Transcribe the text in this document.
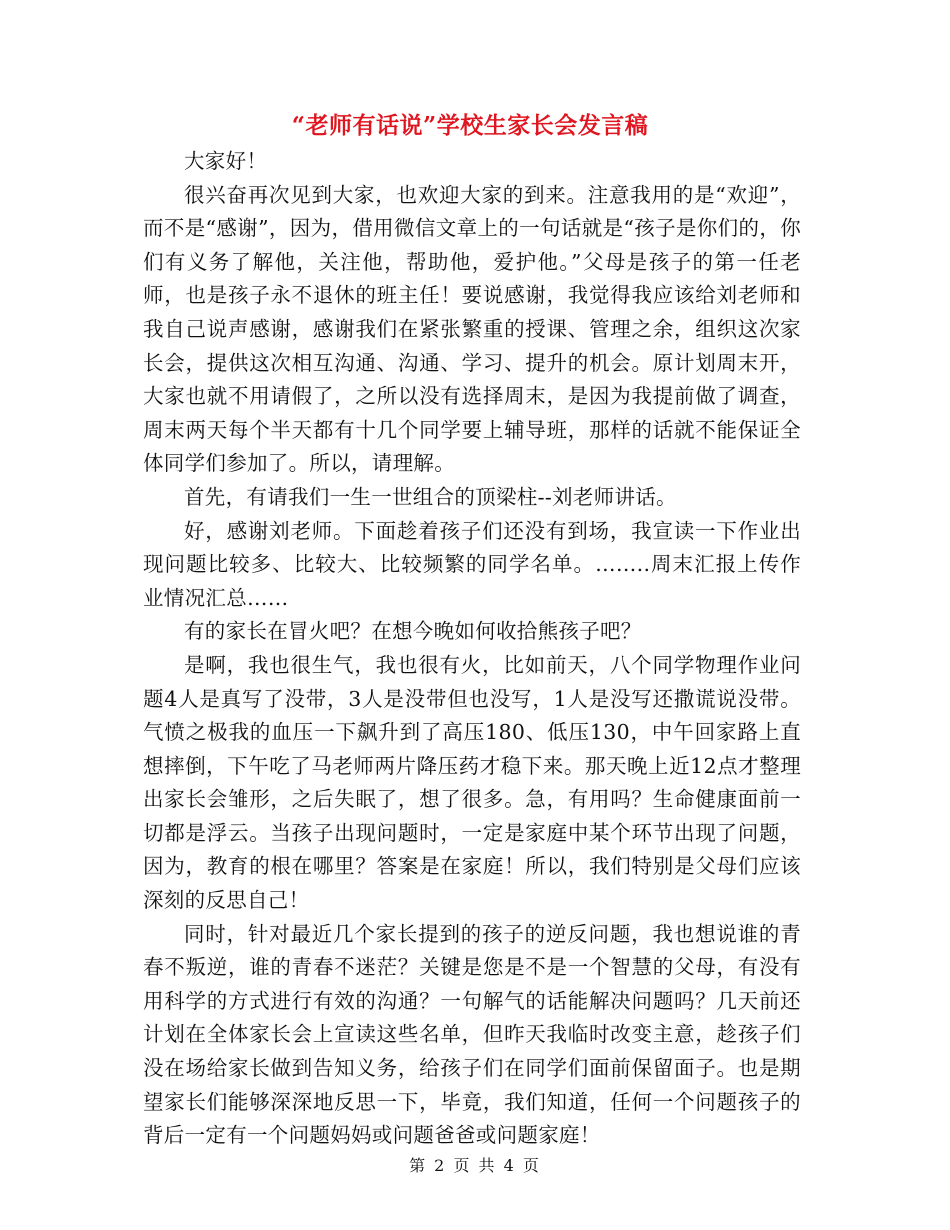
“老师有话说”学校生家长会发言稿

大家好！

很兴奋再次见到大家，也欢迎大家的到来。注意我用的是“欢迎”，而不是“感谢”，因为，借用微信文章上的一句话就是“孩子是你们的，你们有义务了解他，关注他，帮助他，爱护他。”父母是孩子的第一任老师，也是孩子永不退休的班主任！要说感谢，我觉得我应该给刘老师和我自己说声感谢，感谢我们在紧张繁重的授课、管理之余，组织这次家长会，提供这次相互沟通、沟通、学习、提升的机会。原计划周末开，大家也就不用请假了，之所以没有选择周末，是因为我提前做了调查，周末两天每个半天都有十几个同学要上辅导班，那样的话就不能保证全体同学们参加了。所以，请理解。

首先，有请我们一生一世组合的顶梁柱--刘老师讲话。

好，感谢刘老师。下面趁着孩子们还没有到场，我宣读一下作业出现问题比较多、比较大、比较频繁的同学名单。……..周末汇报上传作业情况汇总……

有的家长在冒火吧？在想今晚如何收拾熊孩子吧？

是啊，我也很生气，我也很有火，比如前天，八个同学物理作业问题4人是真写了没带，3人是没带但也没写，1人是没写还撒谎说没带。气愤之极我的血压一下飙升到了高压180、低压130，中午回家路上直想摔倒，下午吃了马老师两片降压药才稳下来。那天晚上近12点才整理出家长会雏形，之后失眠了，想了很多。急，有用吗？生命健康面前一切都是浮云。当孩子出现问题时，一定是家庭中某个环节出现了问题，因为，教育的根在哪里？答案是在家庭！所以，我们特别是父母们应该深刻的反思自己！

同时，针对最近几个家长提到的孩子的逆反问题，我也想说谁的青春不叛逆，谁的青春不迷茫？关键是您是不是一个智慧的父母，有没有用科学的方式进行有效的沟通？一句解气的话能解决问题吗？几天前还计划在全体家长会上宣读这些名单，但昨天我临时改变主意，趁孩子们没在场给家长做到告知义务，给孩子们在同学们面前保留面子。也是期望家长们能够深深地反思一下，毕竟，我们知道，任何一个问题孩子的背后一定有一个问题妈妈或问题爸爸或问题家庭！

第 2 页 共 4 页
